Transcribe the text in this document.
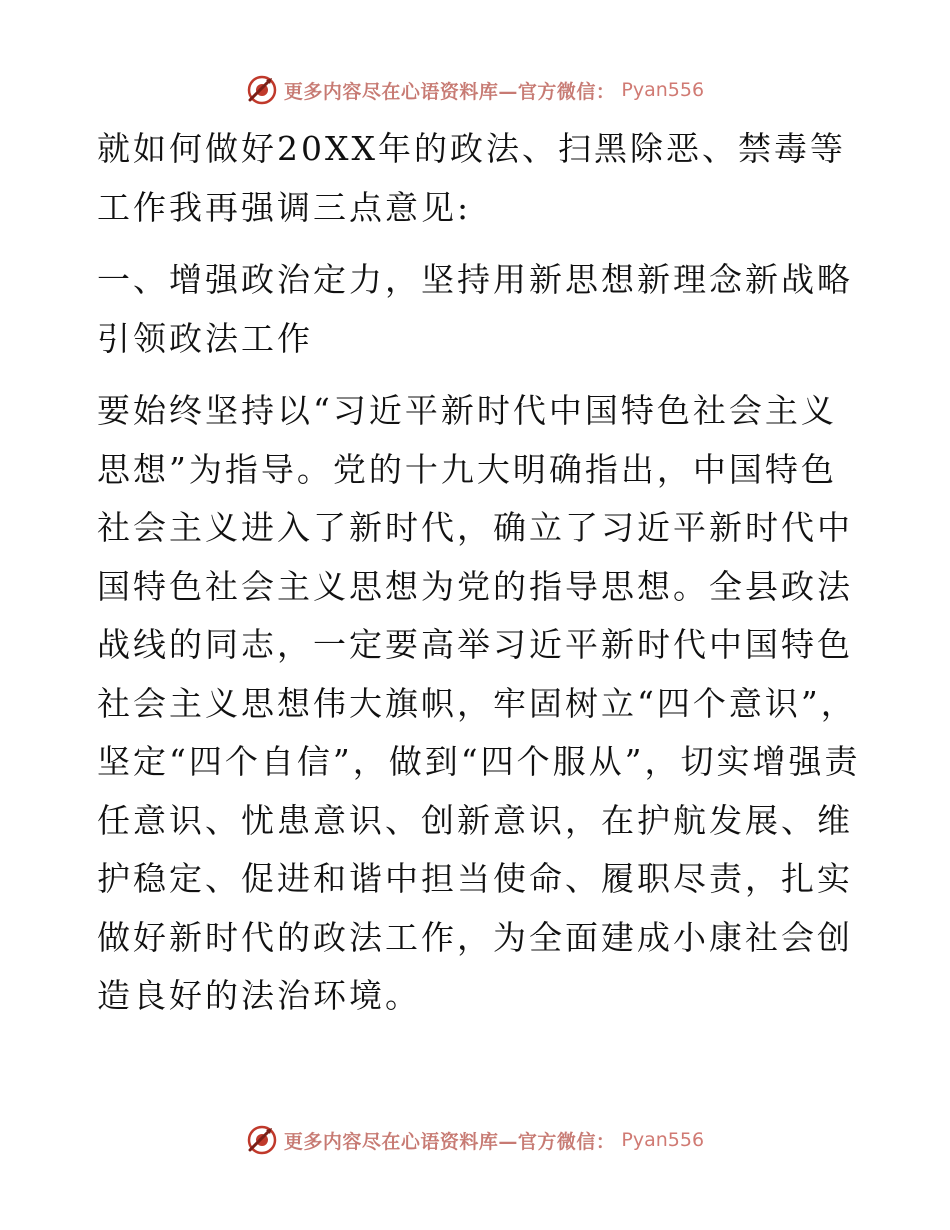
更多内容尽在心语资料库—官方微信： Pyan556

就如何做好20XX年的政法、扫黑除恶、禁毒等工作我再强调三点意见:

一、增强政治定力，坚持用新思想新理念新战略引领政法工作

要始终坚持以“习近平新时代中国特色社会主义思想”为指导。党的十九大明确指出，中国特色社会主义进入了新时代，确立了习近平新时代中国特色社会主义思想为党的指导思想。全县政法战线的同志，一定要高举习近平新时代中国特色社会主义思想伟大旗帜，牢固树立“四个意识”，坚定“四个自信”，做到“四个服从”，切实增强责任意识、忧患意识、创新意识，在护航发展、维护稳定、促进和谐中担当使命、履职尽责，扎实做好新时代的政法工作，为全面建成小康社会创造良好的法治环境。

更多内容尽在心语资料库—官方微信： Pyan556
